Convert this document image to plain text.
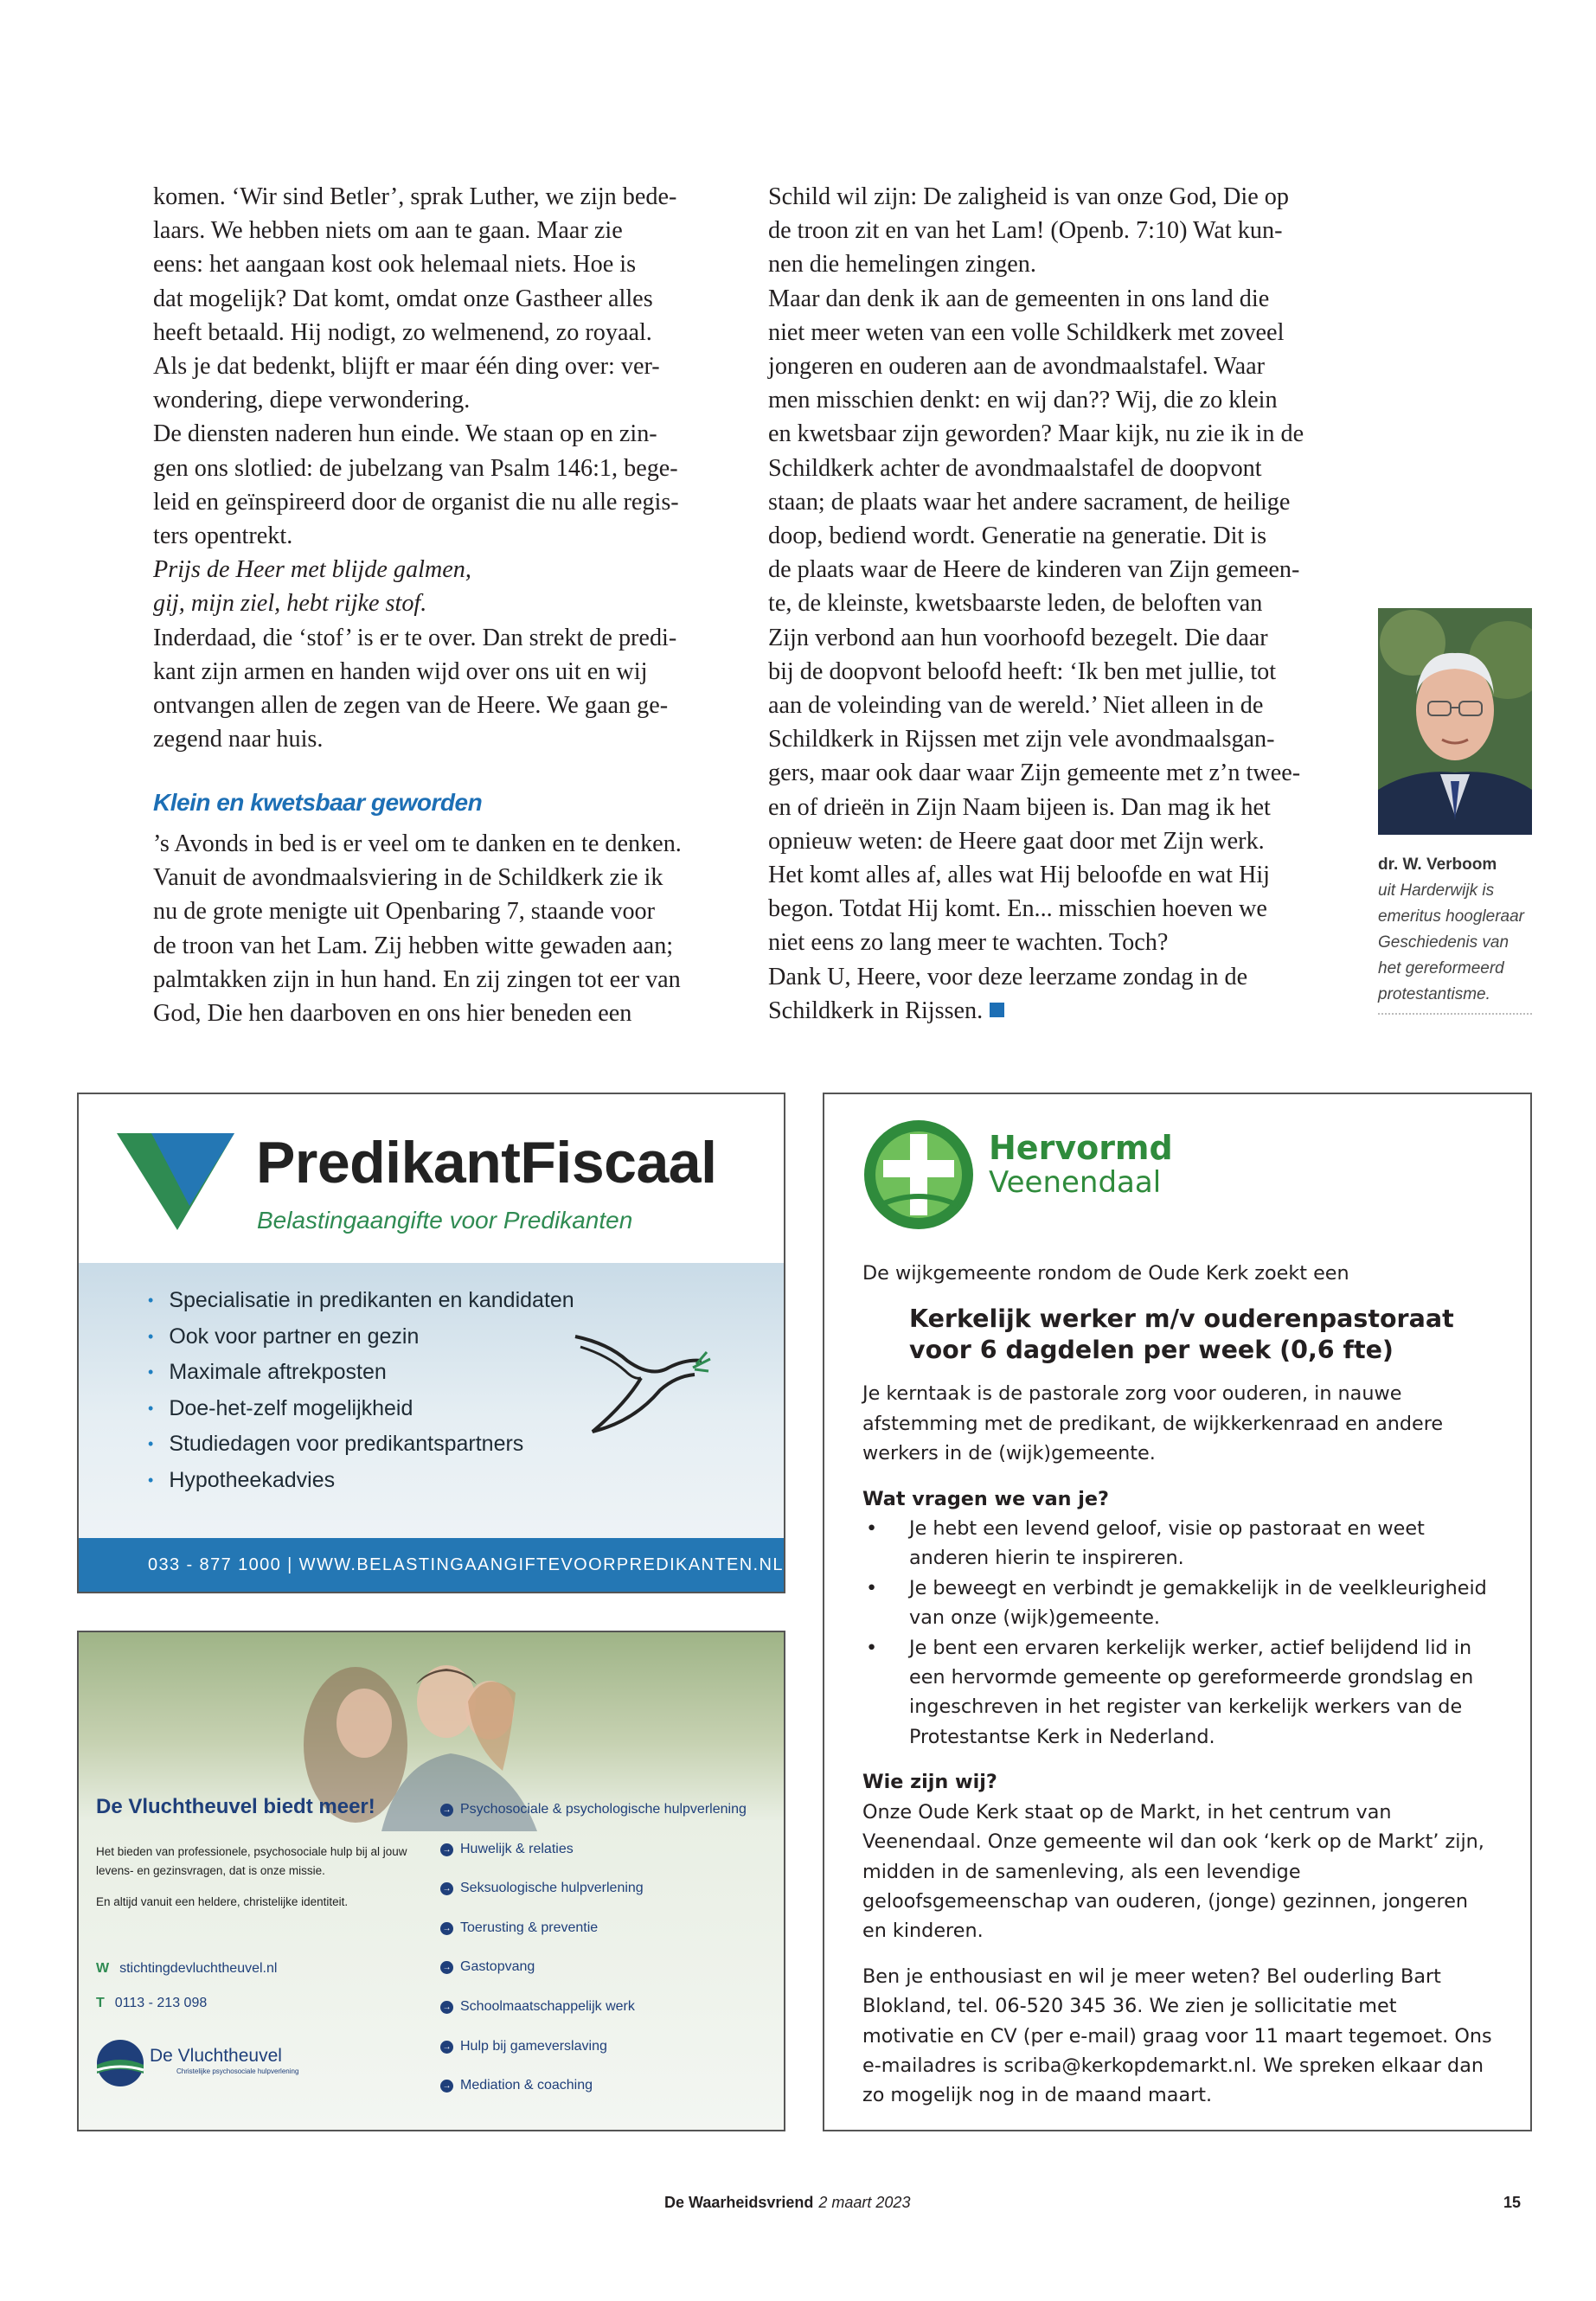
komen. ‘Wir sind Betler’, sprak Luther, we zijn bede-
laars. We hebben niets om aan te gaan. Maar zie
eens: het aangaan kost ook helemaal niets. Hoe is
dat mogelijk? Dat komt, omdat onze Gastheer alles
heeft betaald. Hij nodigt, zo welmenend, zo royaal.
Als je dat bedenkt, blijft er maar één ding over: ver-
wondering, diepe verwondering.
De diensten naderen hun einde. We staan op en zin-
gen ons slotlied: de jubelzang van Psalm 146:1, bege-
leid en geïnspireerd door de organist die nu alle regis-
ters opentrekt.
Prijs de Heer met blijde galmen,
gij, mijn ziel, hebt rijke stof.
Inderdaad, die ‘stof’ is er te over. Dan strekt de predi-
kant zijn armen en handen wijd over ons uit en wij
ontvangen allen de zegen van de Heere. We gaan ge-
zegend naar huis.
Klein en kwetsbaar geworden
’s Avonds in bed is er veel om te danken en te denken.
Vanuit de avondmaalsviering in de Schildkerk zie ik
nu de grote menigte uit Openbaring 7, staande voor
de troon van het Lam. Zij hebben witte gewaden aan;
palmtakken zijn in hun hand. En zij zingen tot eer van
God, Die hen daarboven en ons hier beneden een
Schild wil zijn: De zaligheid is van onze God, Die op
de troon zit en van het Lam! (Openb. 7:10) Wat kun-
nen die hemelingen zingen.
Maar dan denk ik aan de gemeenten in ons land die
niet meer weten van een volle Schildkerk met zoveel
jongeren en ouderen aan de avondmaalstafel. Waar
men misschien denkt: en wij dan?? Wij, die zo klein
en kwetsbaar zijn geworden? Maar kijk, nu zie ik in de
Schildkerk achter de avondmaalstafel de doopvont
staan; de plaats waar het andere sacrament, de heilige
doop, bediend wordt. Generatie na generatie. Dit is
de plaats waar de Heere de kinderen van Zijn gemeen-
te, de kleinste, kwetsbaarste leden, de beloften van
Zijn verbond aan hun voorhoofd bezegelt. Die daar
bij de doopvont beloofd heeft: ‘Ik ben met jullie, tot
aan de voleinding van de wereld.’ Niet alleen in de
Schildkerk in Rijssen met zijn vele avondmaalsgan-
gers, maar ook daar waar Zijn gemeente met z’n twee-
en of drieën in Zijn Naam bijeen is. Dan mag ik het
opnieuw weten: de Heere gaat door met Zijn werk.
Het komt alles af, alles wat Hij beloofde en wat Hij
begon. Totdat Hij komt. En... misschien hoeven we
niet eens zo lang meer te wachten. Toch?
Dank U, Heere, voor deze leerzame zondag in de
Schildkerk in Rijssen.
dr. W. Verboom
uit Harderwijk is
emeritus hoogleraar
Geschiedenis van
het gereformeerd
protestantisme.
PredikantFiscaal
Belastingaangifte voor Predikanten
• Specialisatie in predikanten en kandidaten
• Ook voor partner en gezin
• Maximale aftrekposten
• Doe-het-zelf mogelijkheid
• Studiedagen voor predikantspartners
• Hypotheekadvies
033 - 877 1000 | WWW.BELASTINGAANGIFTEVOORPREDIKANTEN.NL
De Vluchtheuvel biedt meer!
Het bieden van professionele, psychosociale hulp bij al jouw levens- en gezinsvragen, dat is onze missie.
En altijd vanuit een heldere, christelijke identiteit.
W stichtingdevluchtheuvel.nl
T 0113 - 213 098
De Vluchtheuvel
Christelijke psychosociale hulpverlening
→ Psychosociale & psychologische hulpverlening
→ Huwelijk & relaties
→ Seksuologische hulpverlening
→ Toerusting & preventie
→ Gastopvang
→ Schoolmaatschappelijk werk
→ Hulp bij gameverslaving
→ Mediation & coaching
Hervormd
Veenendaal

De wijkgemeente rondom de Oude Kerk zoekt een

Kerkelijk werker m/v ouderenpastoraat voor 6 dagdelen per week (0,6 fte)

Je kerntaak is de pastorale zorg voor ouderen, in nauwe afstemming met de predikant, de wijkkerkenraad en andere werkers in de (wijk)gemeente.

Wat vragen we van je?

• Je hebt een levend geloof, visie op pastoraat en weet anderen hierin te inspireren.
• Je beweegt en verbindt je gemakkelijk in de veelkleurigheid van onze (wijk)gemeente.
• Je bent een ervaren kerkelijk werker, actief belijdend lid in een hervormde gemeente op gereformeerde grondslag en ingeschreven in het register van kerkelijk werkers van de Protestantse Kerk in Nederland.

Wie zijn wij?

Onze Oude Kerk staat op de Markt, in het centrum van Veenendaal. Onze gemeente wil dan ook ‘kerk op de Markt’ zijn, midden in de samenleving, als een levendige geloofsgemeenschap van ouderen, (jonge) gezinnen, jongeren en kinderen.

Ben je enthousiast en wil je meer weten? Bel ouderling Bart Blokland, tel. 06-520 345 36. We zien je sollicitatie met motivatie en CV (per e-mail) graag voor 11 maart tegemoet. Ons e-mailadres is scriba@kerkopdemarkt.nl. We spreken elkaar dan zo mogelijk nog in de maand maart.

De Waarheidsvriend 2 maart 2023	15
